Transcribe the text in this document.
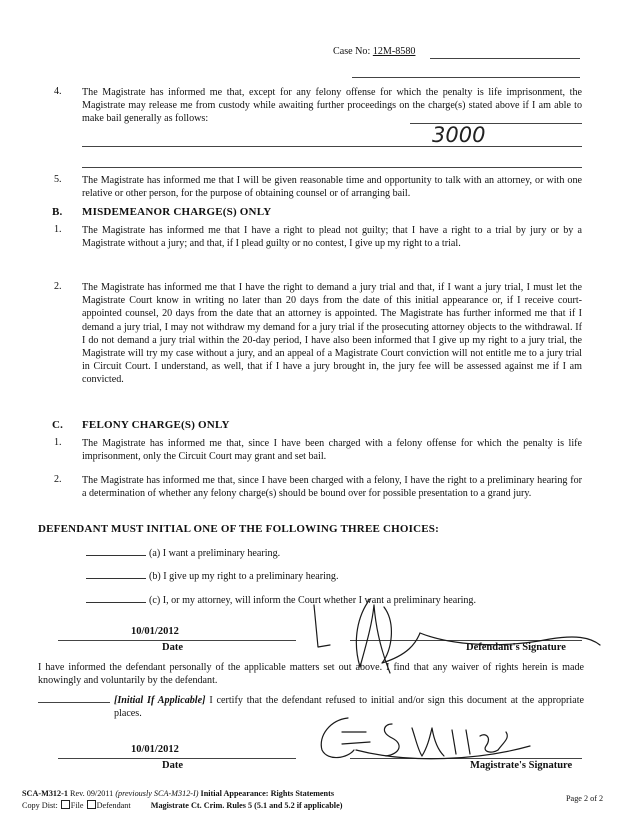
Case No: 12M-8580
4. The Magistrate has informed me that, except for any felony offense for which the penalty is life imprisonment, the Magistrate may release me from custody while awaiting further proceedings on the charge(s) stated above if I am able to make bail generally as follows:
3000
5. The Magistrate has informed me that I will be given reasonable time and opportunity to talk with an attorney, or with one relative or other person, for the purpose of obtaining counsel or of arranging bail.
B. MISDEMEANOR CHARGE(S) ONLY
1. The Magistrate has informed me that I have a right to plead not guilty; that I have a right to a trial by jury or by a Magistrate without a jury; and that, if I plead guilty or no contest, I give up my right to a trial.
2. The Magistrate has informed me that I have the right to demand a jury trial and that, if I want a jury trial, I must let the Magistrate Court know in writing no later than 20 days from the date of this initial appearance or, if I receive court-appointed counsel, 20 days from the date that an attorney is appointed. The Magistrate has further informed me that if I demand a jury trial, I may not withdraw my demand for a jury trial if the prosecuting attorney objects to the withdrawal. If I do not demand a jury trial within the 20-day period, I have also been informed that I give up my right to a jury trial, the Magistrate will try my case without a jury, and an appeal of a Magistrate Court conviction will not entitle me to a jury trial in Circuit Court. I understand, as well, that if I have a jury brought in, the jury fee will be assessed against me if I am convicted.
C. FELONY CHARGE(S) ONLY
1. The Magistrate has informed me that, since I have been charged with a felony offense for which the penalty is life imprisonment, only the Circuit Court may grant and set bail.
2. The Magistrate has informed me that, since I have been charged with a felony, I have the right to a preliminary hearing for a determination of whether any felony charge(s) should be bound over for possible presentation to a grand jury.
DEFENDANT MUST INITIAL ONE OF THE FOLLOWING THREE CHOICES:
(a) I want a preliminary hearing.
(b) I give up my right to a preliminary hearing.
(c) I, or my attorney, will inform the Court whether I want a preliminary hearing.
10/01/2012
Date	Defendant's Signature
I have informed the defendant personally of the applicable matters set out above. I find that any waiver of rights herein is made knowingly and voluntarily by the defendant.
[Initial If Applicable] I certify that the defendant refused to initial and/or sign this document at the appropriate places.
10/01/2012
Date	Magistrate's Signature
SCA-M312-1 Rev. 09/2011 (previously SCA-M312-I) Initial Appearance: Rights Statements
Copy Dist: File Defendant Magistrate Ct. Crim. Rules 5 (5.1 and 5.2 if applicable)
Page 2 of 2
